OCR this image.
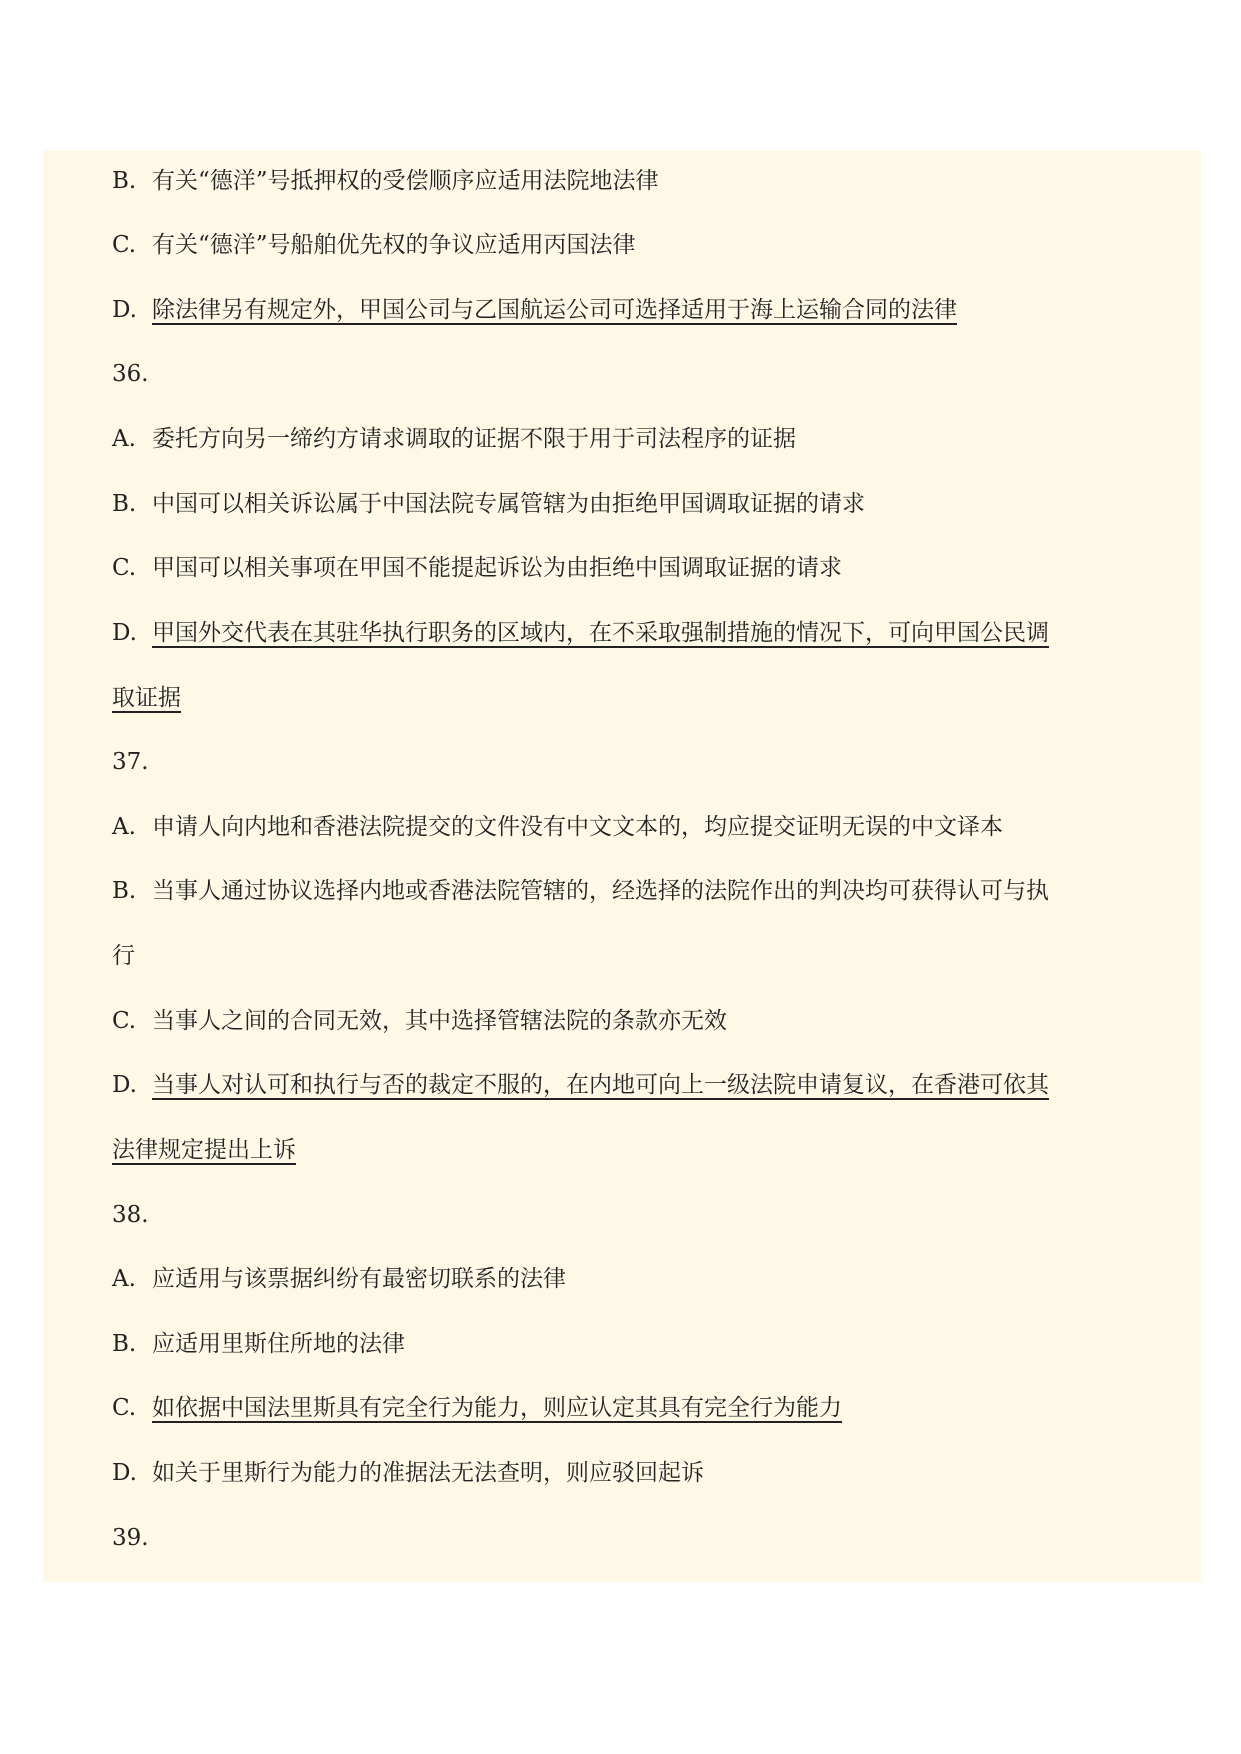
B. 有关“德洋”号抵押权的受偿顺序应适用法院地法律
C. 有关“德洋”号船舶优先权的争议应适用丙国法律
D. 除法律另有规定外，甲国公司与乙国航运公司可选择适用于海上运输合同的法律
36.
A. 委托方向另一缔约方请求调取的证据不限于用于司法程序的证据
B. 中国可以相关诉讼属于中国法院专属管辖为由拒绝甲国调取证据的请求
C. 甲国可以相关事项在甲国不能提起诉讼为由拒绝中国调取证据的请求
D. 甲国外交代表在其驻华执行职务的区域内，在不采取强制措施的情况下，可向甲国公民调
取证据
37.
A. 申请人向内地和香港法院提交的文件没有中文文本的，均应提交证明无误的中文译本
B. 当事人通过协议选择内地或香港法院管辖的，经选择的法院作出的判决均可获得认可与执
行
C. 当事人之间的合同无效，其中选择管辖法院的条款亦无效
D. 当事人对认可和执行与否的裁定不服的，在内地可向上一级法院申请复议，在香港可依其
法律规定提出上诉
38.
A. 应适用与该票据纠纷有最密切联系的法律
B. 应适用里斯住所地的法律
C. 如依据中国法里斯具有完全行为能力，则应认定其具有完全行为能力
D. 如关于里斯行为能力的准据法无法查明，则应驳回起诉
39.
